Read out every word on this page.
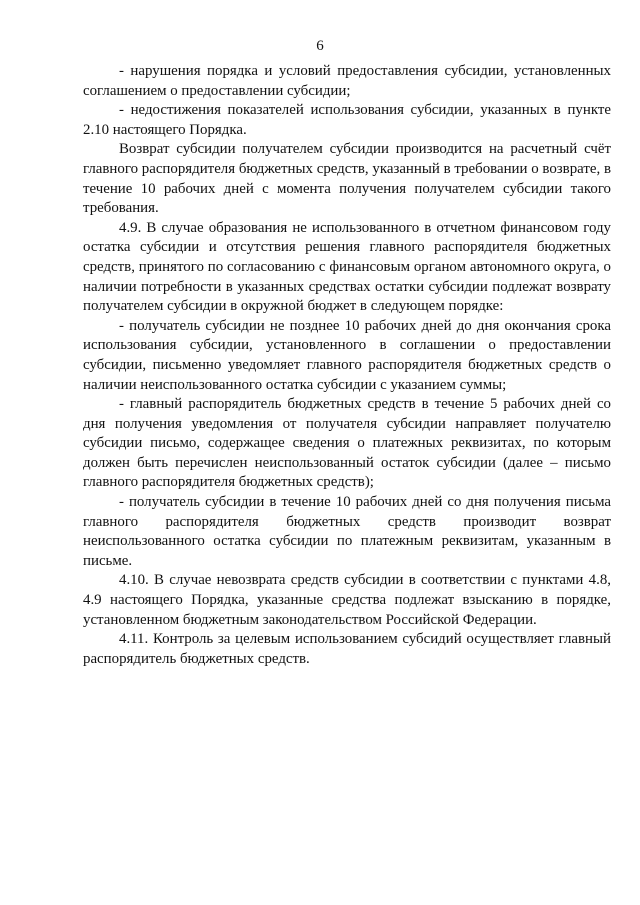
6

- нарушения порядка и условий предоставления субсидии, установленных соглашением о предоставлении субсидии;

- недостижения показателей использования субсидии, указанных в пункте 2.10 настоящего Порядка.

Возврат субсидии получателем субсидии производится на расчетный счёт главного распорядителя бюджетных средств, указанный в требовании о возврате, в течение 10 рабочих дней с момента получения получателем субсидии такого требования.

4.9. В случае образования не использованного в отчетном финансовом году остатка субсидии и отсутствия решения главного распорядителя бюджетных средств, принятого по согласованию с финансовым органом автономного округа, о наличии потребности в указанных средствах остатки субсидии подлежат возврату получателем субсидии в окружной бюджет в следующем порядке:

- получатель субсидии не позднее 10 рабочих дней до дня окончания срока использования субсидии, установленного в соглашении о предоставлении субсидии, письменно уведомляет главного распорядителя бюджетных средств о наличии неиспользованного остатка субсидии с указанием суммы;

- главный распорядитель бюджетных средств в течение 5 рабочих дней со дня получения уведомления от получателя субсидии направляет получателю субсидии письмо, содержащее сведения о платежных реквизитах, по которым должен быть перечислен неиспользованный остаток субсидии (далее – письмо главного распорядителя бюджетных средств);

- получатель субсидии в течение 10 рабочих дней со дня получения письма главного распорядителя бюджетных средств производит возврат неиспользованного остатка субсидии по платежным реквизитам, указанным в письме.

4.10. В случае невозврата средств субсидии в соответствии с пунктами 4.8, 4.9 настоящего Порядка, указанные средства подлежат взысканию в порядке, установленном бюджетным законодательством Российской Федерации.

4.11. Контроль за целевым использованием субсидий осуществляет главный распорядитель бюджетных средств.
